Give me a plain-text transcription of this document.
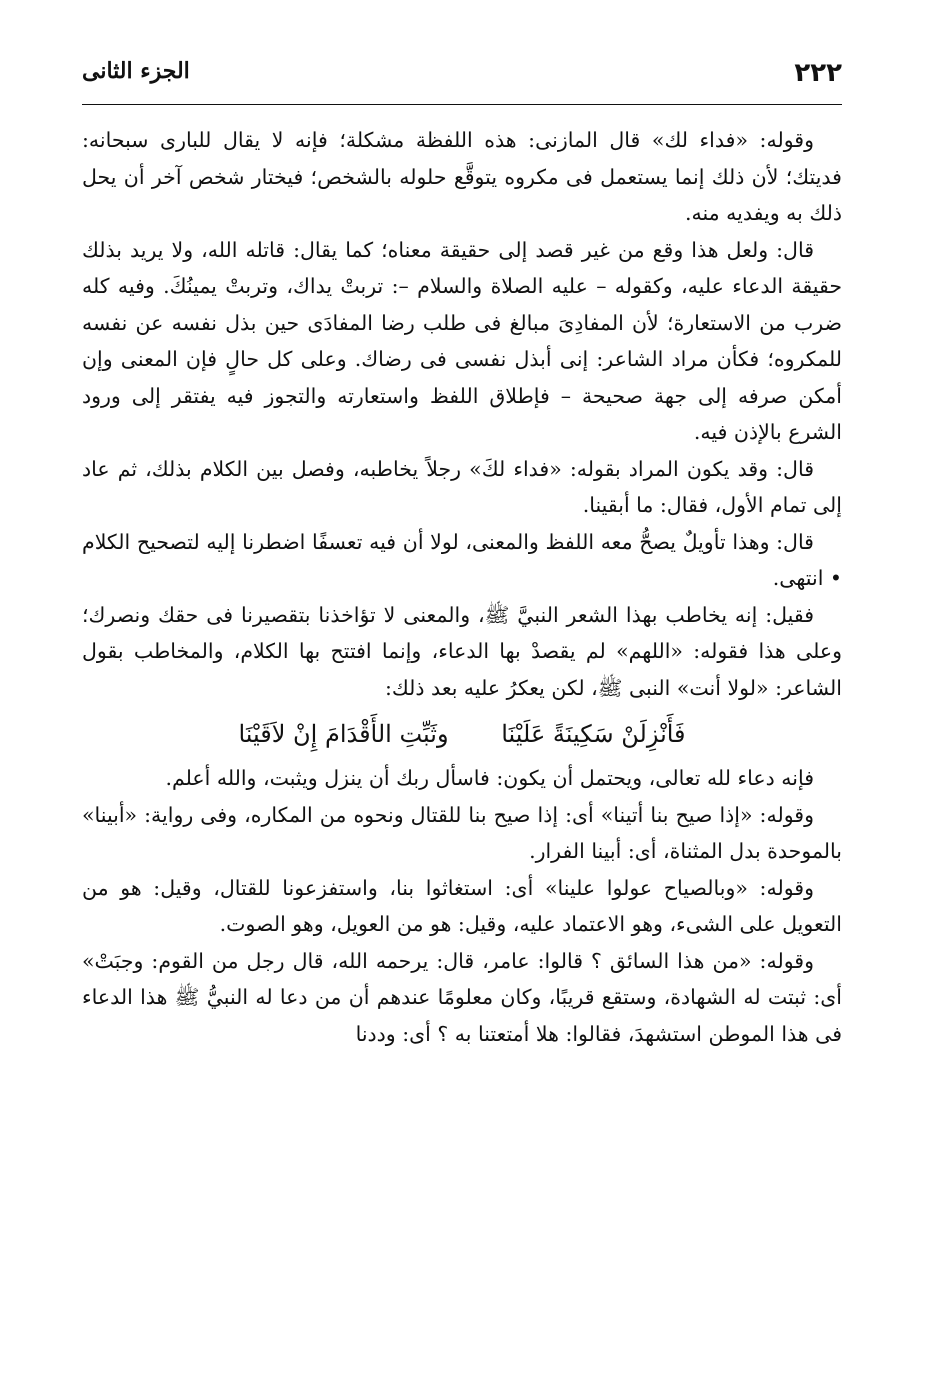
٢٢٢
الجزء الثانى

وقوله: «فداء لك» قال المازنى: هذه اللفظة مشكلة؛ فإنه لا يقال للبارى سبحانه: فديتك؛ لأن ذلك إنما يستعمل فى مكروه يتوقَّع حلوله بالشخص؛ فيختار شخص آخر أن يحل ذلك به ويفديه منه.

قال: ولعل هذا وقع من غير قصد إلى حقيقة معناه؛ كما يقال: قاتله الله، ولا يريد بذلك حقيقة الدعاء عليه، وكقوله – عليه الصلاة والسلام –: تربتْ يداك، وتربتْ يمينُكَ. وفيه كله ضرب من الاستعارة؛ لأن المفادِىَ مبالغ فى طلب رضا المفادَى حين بذل نفسه عن نفسه للمكروه؛ فكأن مراد الشاعر: إنى أبذل نفسى فى رضاك. وعلى كل حالٍ فإن المعنى وإن أمكن صرفه إلى جهة صحيحة – فإطلاق اللفظ واستعارته والتجوز فيه يفتقر إلى ورود الشرع بالإذن فيه.

قال: وقد يكون المراد بقوله: «فداء لكَ» رجلاً يخاطبه، وفصل بين الكلام بذلك، ثم عاد إلى تمام الأول، فقال: ما أبقينا.

قال: وهذا تأويلٌ يصحُّ معه اللفظ والمعنى، لولا أن فيه تعسفًا اضطرنا إليه لتصحيح الكلام • انتهى.

فقيل: إنه يخاطب بهذا الشعر النبيَّ ﷺ، والمعنى لا تؤاخذنا بتقصيرنا فى حقك ونصرك؛ وعلى هذا فقوله: «اللهم» لم يقصدْ بها الدعاء، وإنما افتتح بها الكلام، والمخاطب بقول الشاعر: «لولا أنت» النبى ﷺ، لكن يعكرُ عليه بعد ذلك:

فَأَنْزِلَنْ سَكِينَةً عَلَيْنَا وثَبِّتِ الأَقْدَامَ إِنْ لاَقَيْنَا

فإنه دعاء لله تعالى، ويحتمل أن يكون: فاسأل ربك أن ينزل ويثبت، والله أعلم.

وقوله: «إذا صيح بنا أتينا» أى: إذا صيح بنا للقتال ونحوه من المكاره، وفى رواية: «أبينا» بالموحدة بدل المثناة، أى: أبينا الفرار.

وقوله: «وبالصياح عولوا علينا» أى: استغاثوا بنا، واستفزعونا للقتال، وقيل: هو من التعويل على الشىء، وهو الاعتماد عليه، وقيل: هو من العويل، وهو الصوت.

وقوله: «من هذا السائق ؟ قالوا: عامر، قال: يرحمه الله، قال رجل من القوم: وجبَتْ» أى: ثبتت له الشهادة، وستقع قريبًا، وكان معلومًا عندهم أن من دعا له النبيُّ ﷺ هذا الدعاء فى هذا الموطن استشهدَ، فقالوا: هلا أمتعتنا به ؟ أى: وددنا
